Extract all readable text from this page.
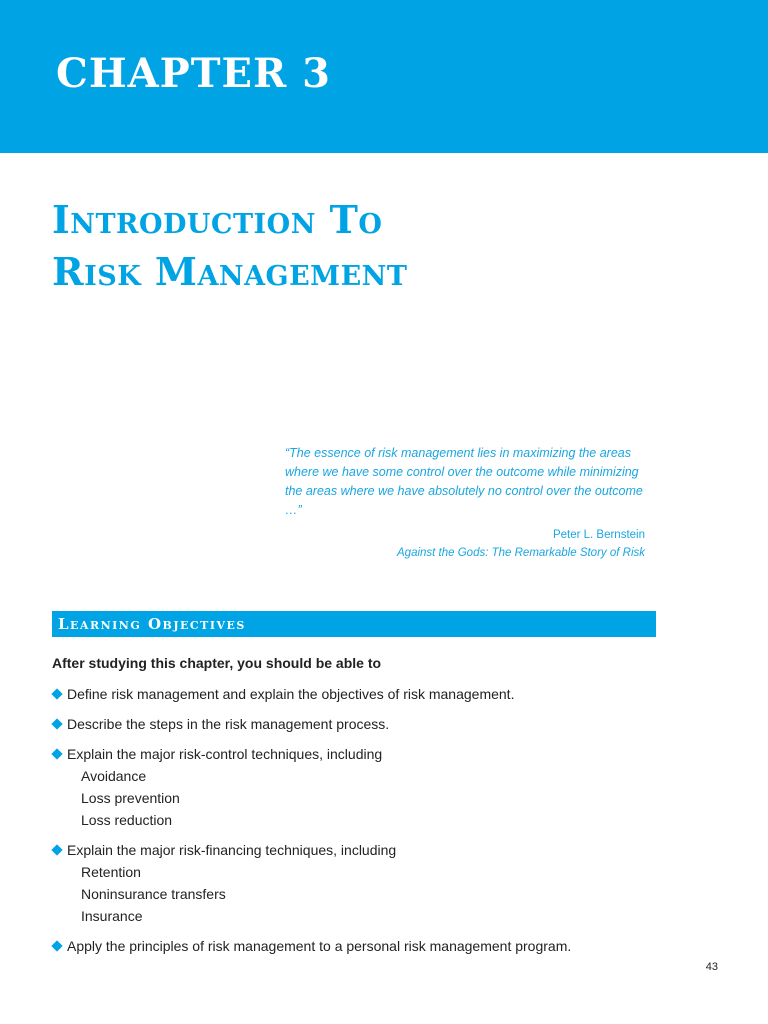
CHAPTER 3
Introduction To
Risk Management

“The essence of risk management lies in maximizing the areas where we have some control over the outcome while minimizing the areas where we have absolutely no control over the outcome …”

Peter L. Bernstein

Against the Gods: The Remarkable Story of Risk

Learning Objectives

After studying this chapter, you should be able to

Define risk management and explain the objectives of risk management.
Describe the steps in the risk management process.
Explain the major risk-control techniques, including
Avoidance
Loss prevention
Loss reduction
Explain the major risk-financing techniques, including
Retention
Noninsurance transfers
Insurance
Apply the principles of risk management to a personal risk management program.

43
